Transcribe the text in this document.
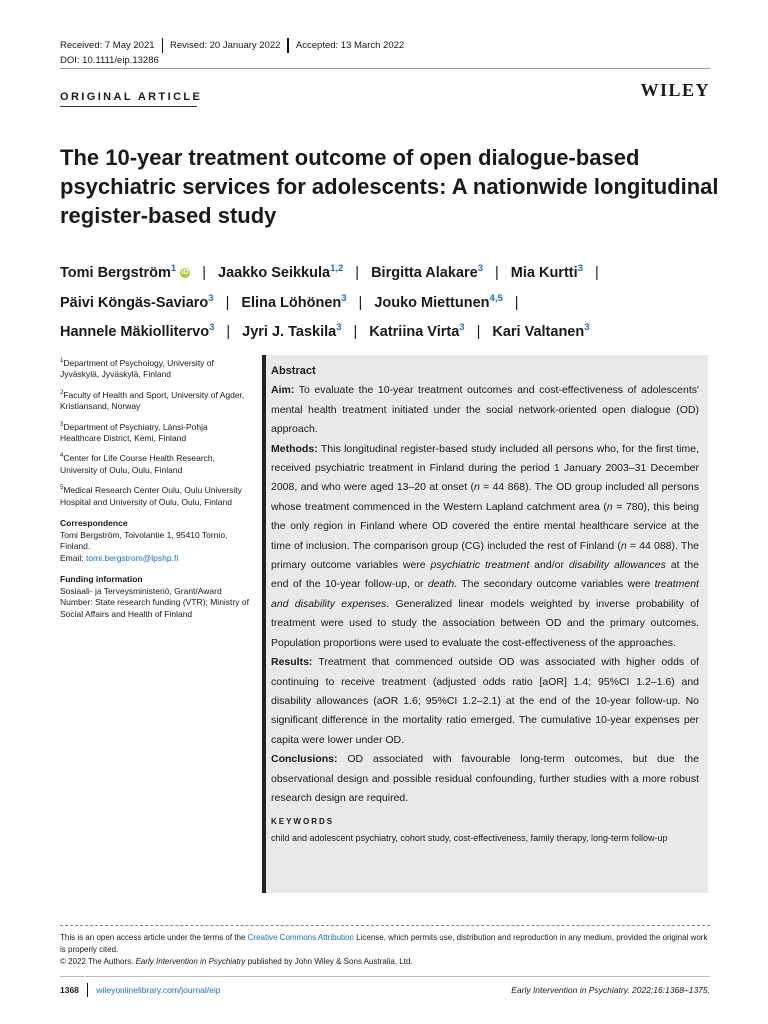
Received: 7 May 2021 Revised: 20 January 2022 Accepted: 13 March 2022
DOI: 10.1111/eip.13286
ORIGINAL ARTICLE	WILEY
The 10-year treatment outcome of open dialogue-based psychiatric services for adolescents: A nationwide longitudinal register-based study
Tomi Bergström$^1$ iD | Jaakko Seikkula$^{1,2}$ | Birgitta Alakare$^3$ | Mia Kurtti$^3$ |
Päivi Köngäs-Saviaro$^3$ | Elina Löhönen$^3$ | Jouko Miettunen$^{4,5}$ |
Hannele Mäkiollitervo$^3$ | Jyri J. Taskila$^3$ | Katriina Virta$^3$ | Kari Valtanen$^3$
$^1$Department of Psychology, University of Jyväskylä, Jyväskylä, Finland
$^2$Faculty of Health and Sport, University of Agder, Kristiansand, Norway
$^3$Department of Psychiatry, Länsi-Pohja Healthcare District, Kemi, Finland
$^4$Center for Life Course Health Research, University of Oulu, Oulu, Finland
$^5$Medical Research Center Oulu, Oulu University Hospital and University of Oulu, Oulu, Finland
Correspondence
Tomi Bergström, Toivolantie 1, 95410 Tornio, Finland.
Email: tomi.bergstrom@lpshp.fi
Funding information
Sosiaali- ja Terveysministeriö, Grant/Award Number: State research funding (VTR); Ministry of Social Affairs and Health of Finland
Abstract
Aim: To evaluate the 10-year treatment outcomes and cost-effectiveness of adolescents' mental health treatment initiated under the social network-oriented open dialogue (OD) approach.
Methods: This longitudinal register-based study included all persons who, for the first time, received psychiatric treatment in Finland during the period 1 January 2003–31 December 2008, and who were aged 13–20 at onset (n = 44 868). The OD group included all persons whose treatment commenced in the Western Lapland catchment area (n = 780), this being the only region in Finland where OD covered the entire mental healthcare service at the time of inclusion. The comparison group (CG) included the rest of Finland (n = 44 088). The primary outcome variables were psychiatric treatment and/or disability allowances at the end of the 10-year follow-up, or death. The secondary outcome variables were treatment and disability expenses. Generalized linear models weighted by inverse probability of treatment were used to study the association between OD and the primary outcomes. Population proportions were used to evaluate the cost-effectiveness of the approaches.
Results: Treatment that commenced outside OD was associated with higher odds of continuing to receive treatment (adjusted odds ratio [aOR] 1.4; 95%CI 1.2–1.6) and disability allowances (aOR 1.6; 95%CI 1.2–2.1) at the end of the 10-year follow-up. No significant difference in the mortality ratio emerged. The cumulative 10-year expenses per capita were lower under OD.
Conclusions: OD associated with favourable long-term outcomes, but due the observational design and possible residual confounding, further studies with a more robust research design are required.
KEYWORDS
child and adolescent psychiatry, cohort study, cost-effectiveness, family therapy, long-term follow-up
This is an open access article under the terms of the Creative Commons Attribution License, which permits use, distribution and reproduction in any medium, provided the original work is properly cited.
© 2022 The Authors. Early Intervention in Psychiatry published by John Wiley & Sons Australia, Ltd.
1368 wileyonlinelibrary.com/journal/eip	Early Intervention in Psychiatry. 2022;16:1368–1375.
